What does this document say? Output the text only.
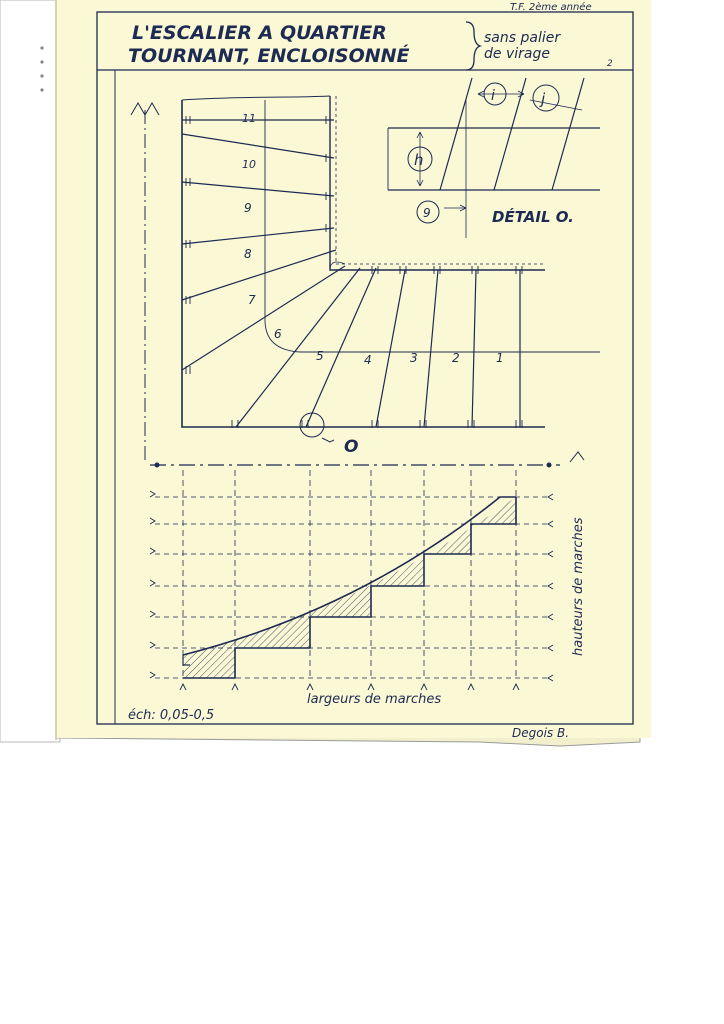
T.F. 2ème année
L'ESCALIER A QUARTIER
TOURNANT, ENCLOISONNÉ
sans palier
de virage
2
1
2
3
4
5
6
7
8
9
10
11
O
i	j
h
9	DÉTAIL O.
largeurs de marches
hauteurs de marches
éch: 0,05-0,5
Degois B.
